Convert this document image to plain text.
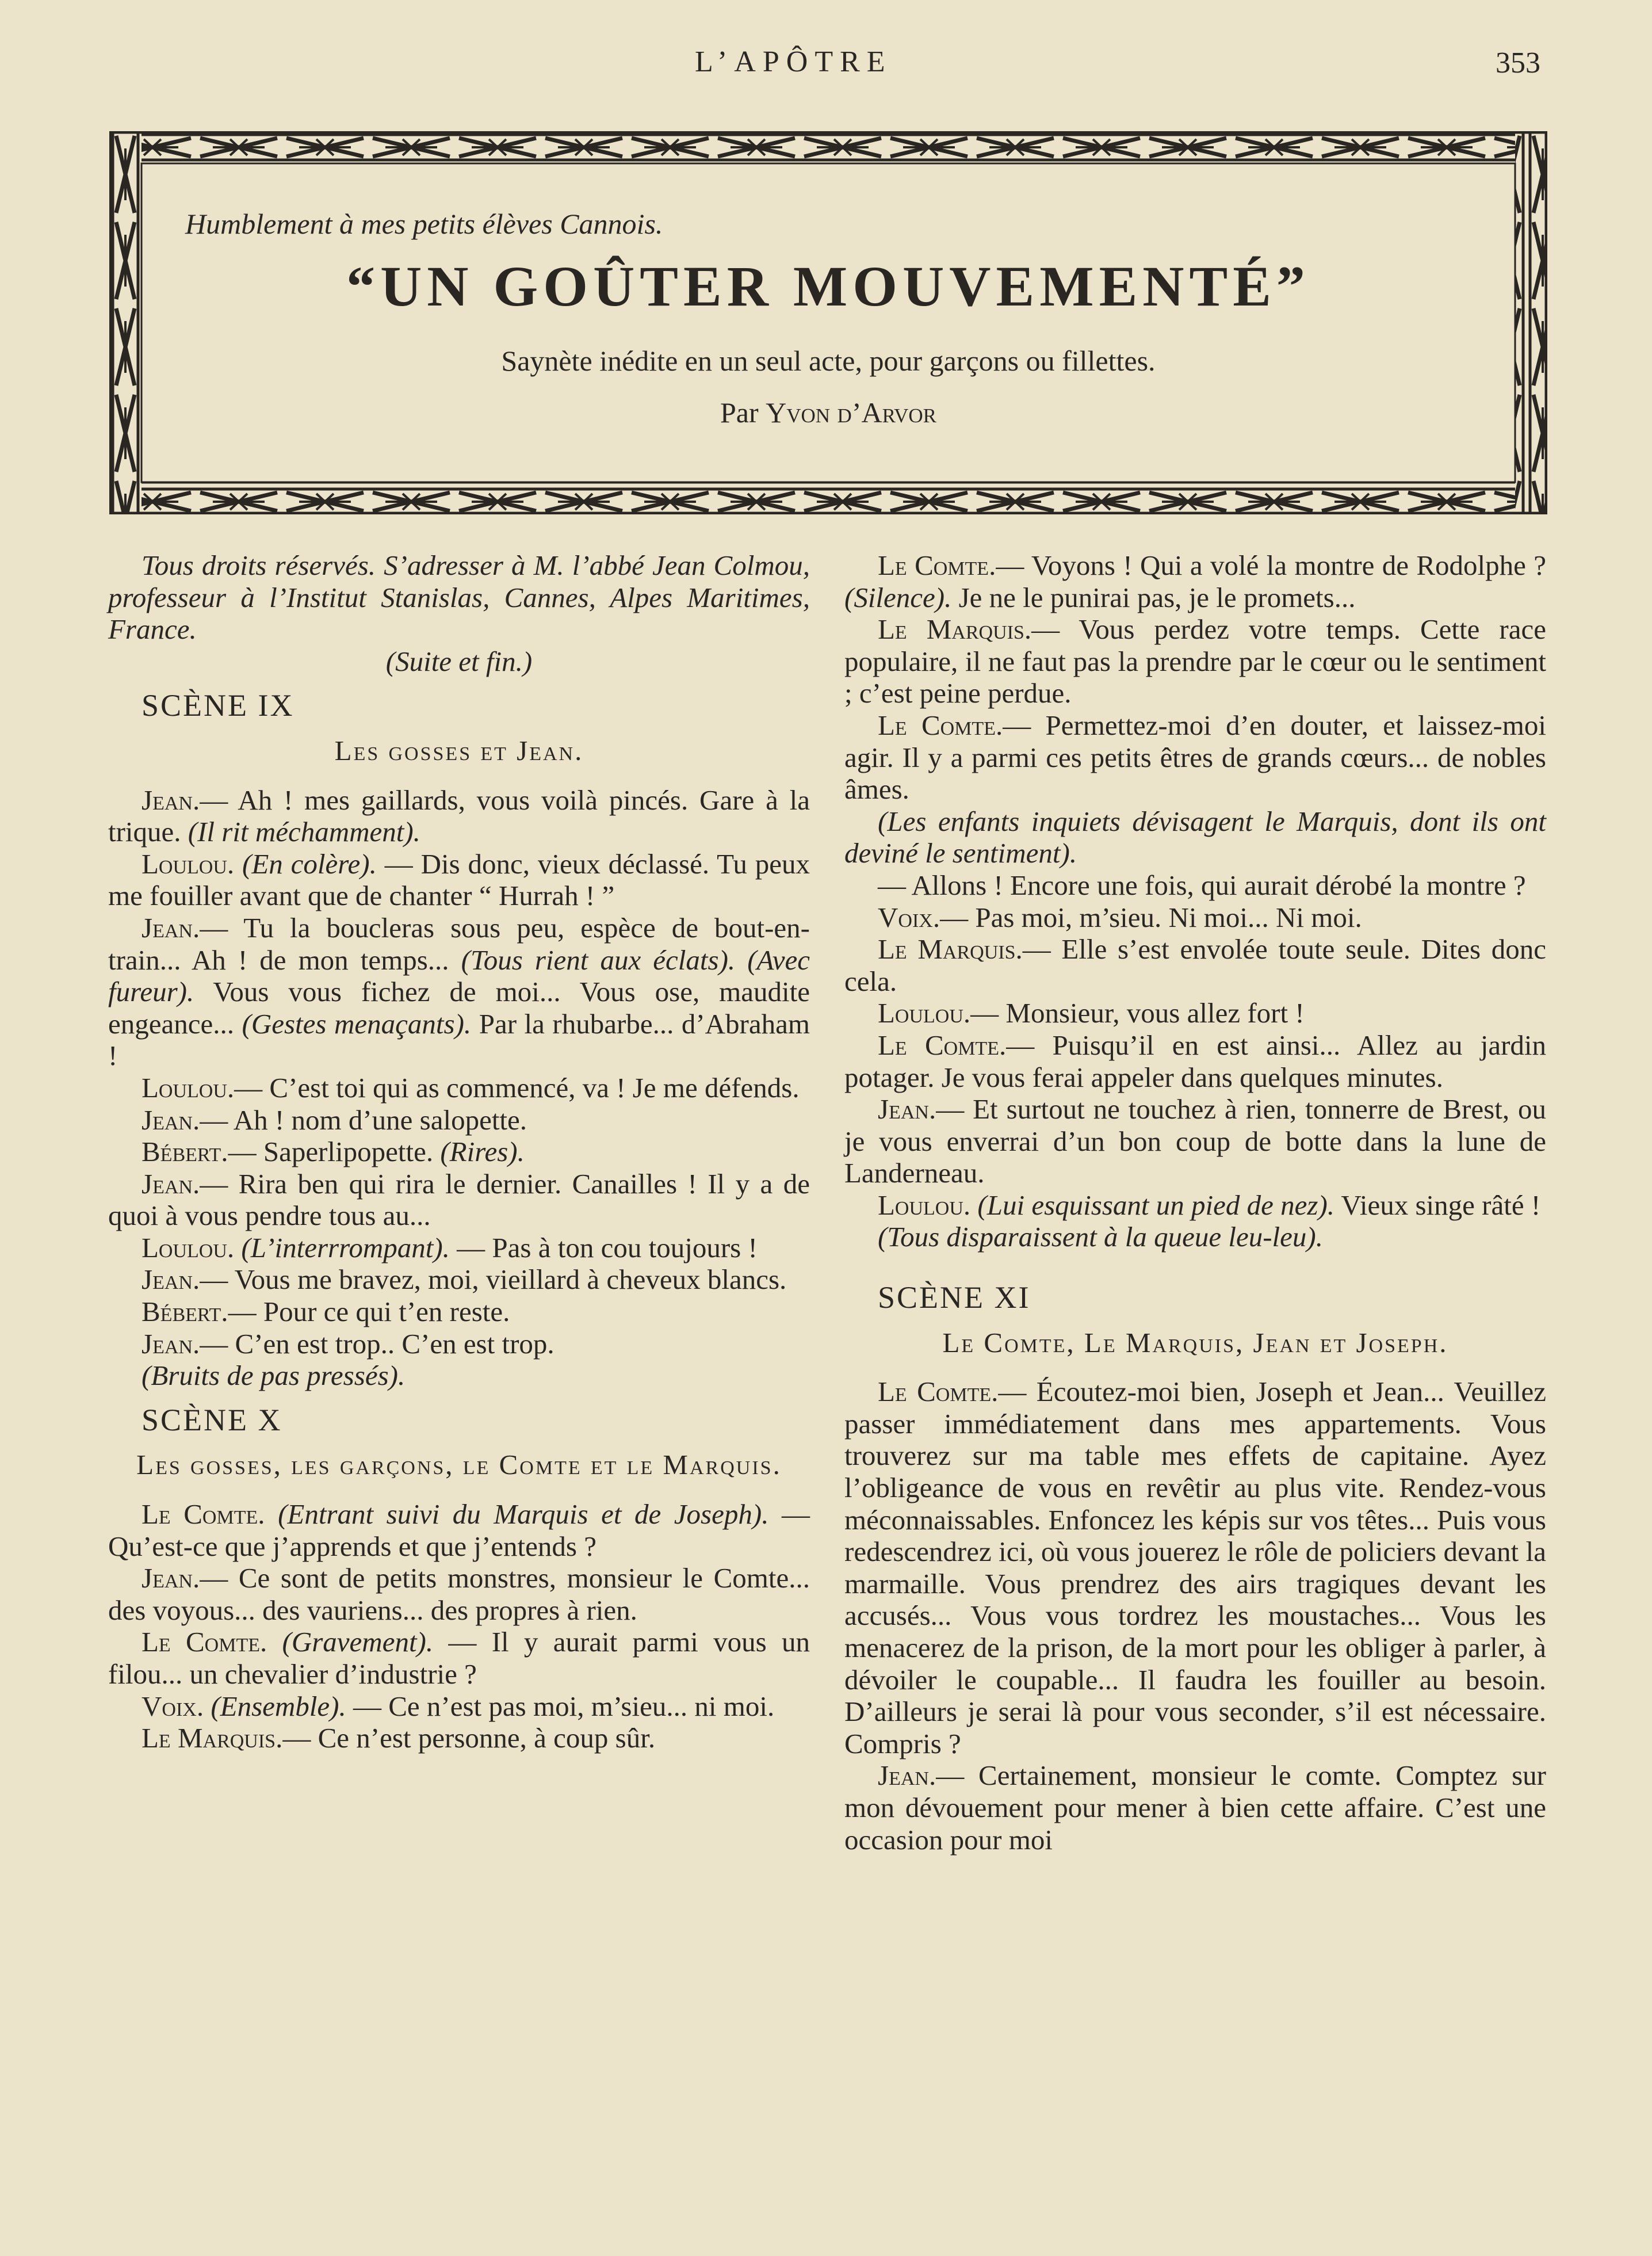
L’APÔTRE	353
Humblement à mes petits élèves Cannois.
“UN GOÛTER MOUVEMENTÉ”
Saynète inédite en un seul acte, pour garçons ou fillettes.
Par Yvon d’Arvor

Tous droits réservés. S’adresser à M. l’abbé Jean Colmou, professeur à l’Institut Stanislas, Cannes, Alpes Maritimes, France.

(Suite et fin.)

SCÈNE IX

Les gosses et Jean.

Jean.— Ah ! mes gaillards, vous voilà pincés. Gare à la trique. (Il rit méchamment).

Loulou. (En colère). — Dis donc, vieux déclassé. Tu peux me fouiller avant que de chanter “ Hurrah ! ”

Jean.— Tu la boucleras sous peu, espèce de bout-en-train... Ah ! de mon temps... (Tous rient aux éclats). (Avec fureur). Vous vous fichez de moi... Vous ose, maudite engeance... (Gestes menaçants). Par la rhubarbe... d’Abraham !

Loulou.— C’est toi qui as commencé, va ! Je me défends.

Jean.— Ah ! nom d’une salopette.

Bébert.— Saperlipopette. (Rires).

Jean.— Rira ben qui rira le dernier. Canailles ! Il y a de quoi à vous pendre tous au...

Loulou. (L’interrrompant). — Pas à ton cou toujours !

Jean.— Vous me bravez, moi, vieillard à cheveux blancs.

Bébert.— Pour ce qui t’en reste.

Jean.— C’en est trop.. C’en est trop.

(Bruits de pas pressés).

SCÈNE X

Les gosses, les garçons, le Comte et le Marquis.

Le Comte. (Entrant suivi du Marquis et de Joseph). — Qu’est-ce que j’apprends et que j’entends ?

Jean.— Ce sont de petits monstres, monsieur le Comte... des voyous... des vauriens... des propres à rien.

Le Comte. (Gravement). — Il y aurait parmi vous un filou... un chevalier d’industrie ?

Voix. (Ensemble). — Ce n’est pas moi, m’sieu... ni moi.

Le Marquis.— Ce n’est personne, à coup sûr.

Le Comte.— Voyons ! Qui a volé la montre de Rodolphe ? (Silence). Je ne le punirai pas, je le promets...

Le Marquis.— Vous perdez votre temps. Cette race populaire, il ne faut pas la prendre par le cœur ou le sentiment ; c’est peine perdue.

Le Comte.— Permettez-moi d’en douter, et laissez-moi agir. Il y a parmi ces petits êtres de grands cœurs... de nobles âmes.

(Les enfants inquiets dévisagent le Marquis, dont ils ont deviné le sentiment).

— Allons ! Encore une fois, qui aurait dérobé la montre ?

Voix.— Pas moi, m’sieu. Ni moi... Ni moi.

Le Marquis.— Elle s’est envolée toute seule. Dites donc cela.

Loulou.— Monsieur, vous allez fort !

Le Comte.— Puisqu’il en est ainsi... Allez au jardin potager. Je vous ferai appeler dans quelques minutes.

Jean.— Et surtout ne touchez à rien, tonnerre de Brest, ou je vous enverrai d’un bon coup de botte dans la lune de Landerneau.

Loulou. (Lui esquissant un pied de nez). Vieux singe râté !

(Tous disparaissent à la queue leu-leu).

SCÈNE XI

Le Comte, Le Marquis, Jean et Joseph.

Le Comte.— Écoutez-moi bien, Joseph et Jean... Veuillez passer immédiatement dans mes appartements. Vous trouverez sur ma table mes effets de capitaine. Ayez l’obligeance de vous en revêtir au plus vite. Rendez-vous méconnaissables. Enfoncez les képis sur vos têtes... Puis vous redescendrez ici, où vous jouerez le rôle de policiers devant la marmaille. Vous prendrez des airs tragiques devant les accusés... Vous vous tordrez les moustaches... Vous les menacerez de la prison, de la mort pour les obliger à parler, à dévoiler le coupable... Il faudra les fouiller au besoin. D’ailleurs je serai là pour vous seconder, s’il est nécessaire. Compris ?

Jean.— Certainement, monsieur le comte. Comptez sur mon dévouement pour mener à bien cette affaire. C’est une occasion pour moi
